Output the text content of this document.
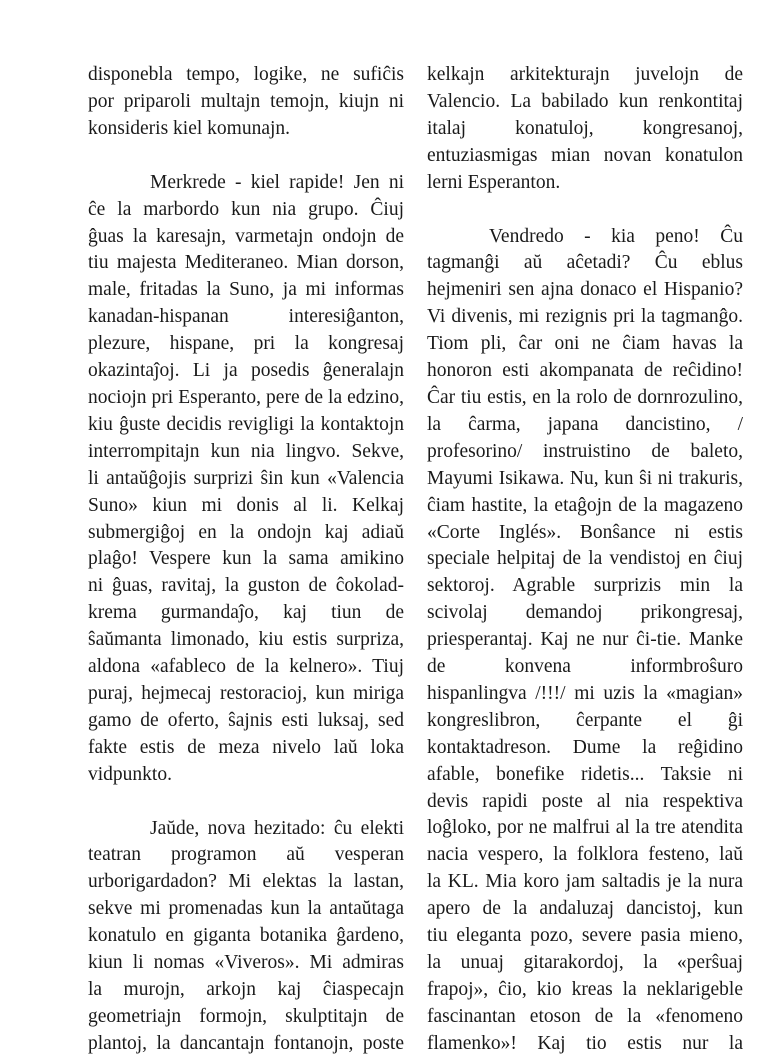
disponebla tempo, logike, ne sufiĉis
por priparoli multajn temojn, kiujn ni
konsideris kiel komunajn.
Merkrede - kiel rapide! Jen ni
ĉe la marbordo kun nia grupo. Ĉiuj
ĝuas la karesajn, varmetajn ondojn de
tiu majesta Mediteraneo. Mian dorson,
male, fritadas la Suno, ja mi informas
kanadan-hispanan interesiĝanton,
plezure, hispane, pri la kongresaj
okazintaĵoj. Li ja posedis ĝeneralajn
nociojn pri Esperanto, pere de la edzino,
kiu ĝuste decidis revigligi la kontaktojn
interrompitajn kun nia lingvo. Sekve,
li antaŭĝojis surprizi ŝin kun «Valencia
Suno» kiun mi donis al li. Kelkaj
submergiĝoj en la ondojn kaj adiaŭ
plaĝo! Vespere kun la sama amikino
ni ĝuas, ravitaj, la guston de ĉokolad-
krema gurmandaĵo, kaj tiun de
ŝaŭmanta limonado, kiu estis surpriza,
aldona «afableco de la kelnero». Tiuj
puraj, hejmecaj restoracioj, kun miriga
gamo de oferto, ŝajnis esti luksaj, sed
fakte estis de meza nivelo laŭ loka
vidpunkto.
Jaŭde, nova hezitado: ĉu elekti
teatran programon aŭ vesperan
urborigardadon? Mi elektas la lastan,
sekve mi promenadas kun la antaŭtaga
konatulo en giganta botanika ĝardeno,
kiun li nomas «Viveros». Mi admiras
la murojn, arkojn kaj ĉiaspecajn
geometriajn formojn, skulptitajn de
plantoj, la dancantajn fontanojn, poste
kelkajn arkitekturajn juvelojn de
Valencio. La babilado kun renkontitaj
italaj konatuloj, kongresanoj,
entuziasmigas mian novan konatulon
lerni Esperanton.
Vendredo - kia peno! Ĉu
tagmanĝi aŭ aĉetadi? Ĉu eblus
hejmeniri sen ajna donaco el Hispanio?
Vi divenis, mi rezignis pri la tagmanĝo.
Tiom pli, ĉar oni ne ĉiam havas la
honoron esti akompanata de reĉidino!
Ĉar tiu estis, en la rolo de dornrozulino,
la ĉarma, japana dancistino, /
profesorino/ instruistino de baleto,
Mayumi Isikawa. Nu, kun ŝi ni trakuris,
ĉiam hastite, la etaĝojn de la magazeno
«Corte Inglés». Bonŝance ni estis
speciale helpitaj de la vendistoj en ĉiuj
sektoroj. Agrable surprizis min la
scivolaj demandoj prikongresaj,
priesperantaj. Kaj ne nur ĉi-tie. Manke
de konvena informbroŝuro
hispanlingva /!!!/ mi uzis la «magian»
kongreslibron, ĉerpante el ĝi
kontaktadreson. Dume la reĝidino
afable, bonefike ridetis... Taksie ni
devis rapidi poste al nia respektiva
loĝloko, por ne malfrui al la tre atendita
nacia vespero, la folklora festeno, laŭ
la KL. Mia koro jam saltadis je la nura
apero de la andaluzaj dancistoj, kun
tiu eleganta pozo, severe pasia mieno,
la unuaj gitarakordoj, la «perŝuaj
frapoj», ĉio, kio kreas la neklarigeble
fascinantan etoson de la «fenomeno
flamenko»! Kaj tio estis nur la
